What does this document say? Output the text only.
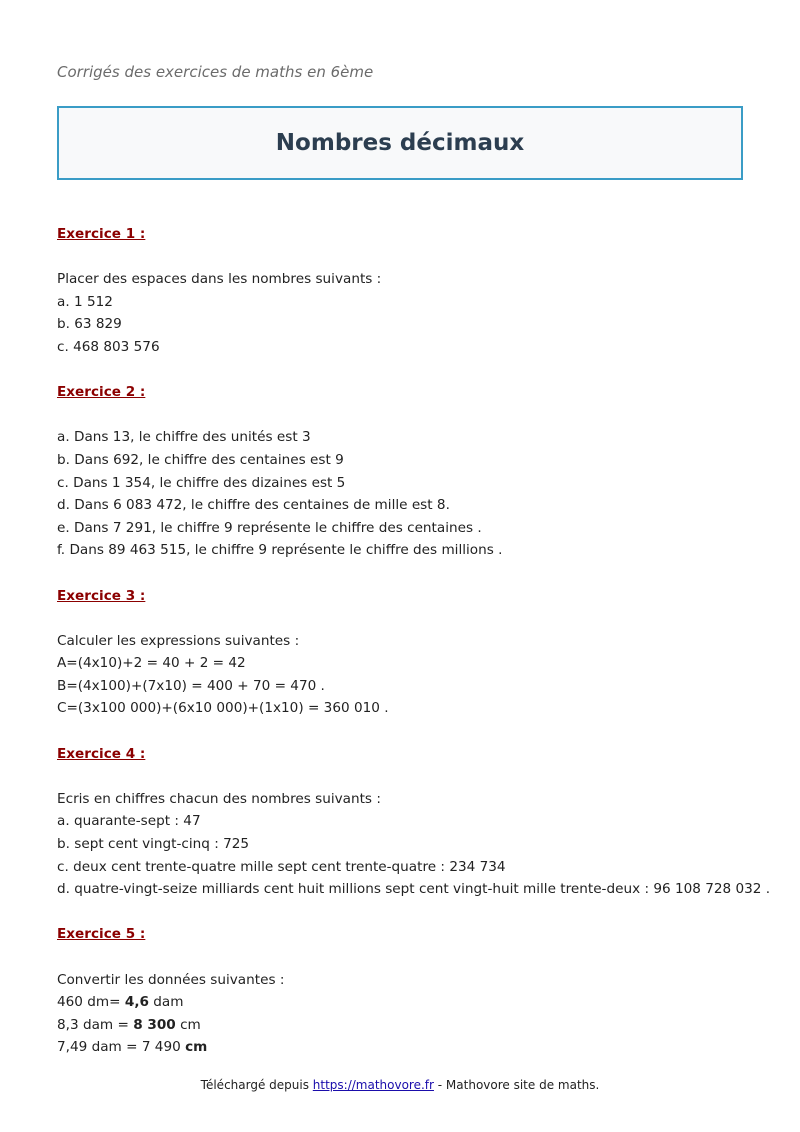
Corrigés des exercices de maths en 6ème
Nombres décimaux
Exercice 1 :
Placer des espaces dans les nombres suivants :
a. 1 512
b. 63 829
c. 468 803 576
Exercice 2 :
a. Dans 13, le chiffre des unités est 3
b. Dans 692, le chiffre des centaines est 9
c. Dans 1 354, le chiffre des dizaines est 5
d. Dans 6 083 472, le chiffre des centaines de mille est 8.
e. Dans 7 291, le chiffre 9 représente le chiffre des centaines .
f. Dans 89 463 515, le chiffre 9 représente le chiffre des millions .
Exercice 3 :
Calculer les expressions suivantes :
A=(4x10)+2 = 40 + 2 = 42
B=(4x100)+(7x10) = 400 + 70 = 470 .
C=(3x100 000)+(6x10 000)+(1x10) = 360 010 .
Exercice 4 :
Ecris en chiffres chacun des nombres suivants :
a. quarante-sept : 47
b. sept cent vingt-cinq : 725
c. deux cent trente-quatre mille sept cent trente-quatre : 234 734
d. quatre-vingt-seize milliards cent huit millions sept cent vingt-huit mille trente-deux : 96 108 728 032 .
Exercice 5 :
Convertir les données suivantes :
460 dm= 4,6 dam
8,3 dam = 8 300 cm
7,49 dam = 7 490 cm
Téléchargé depuis https://mathovore.fr - Mathovore site de maths.
